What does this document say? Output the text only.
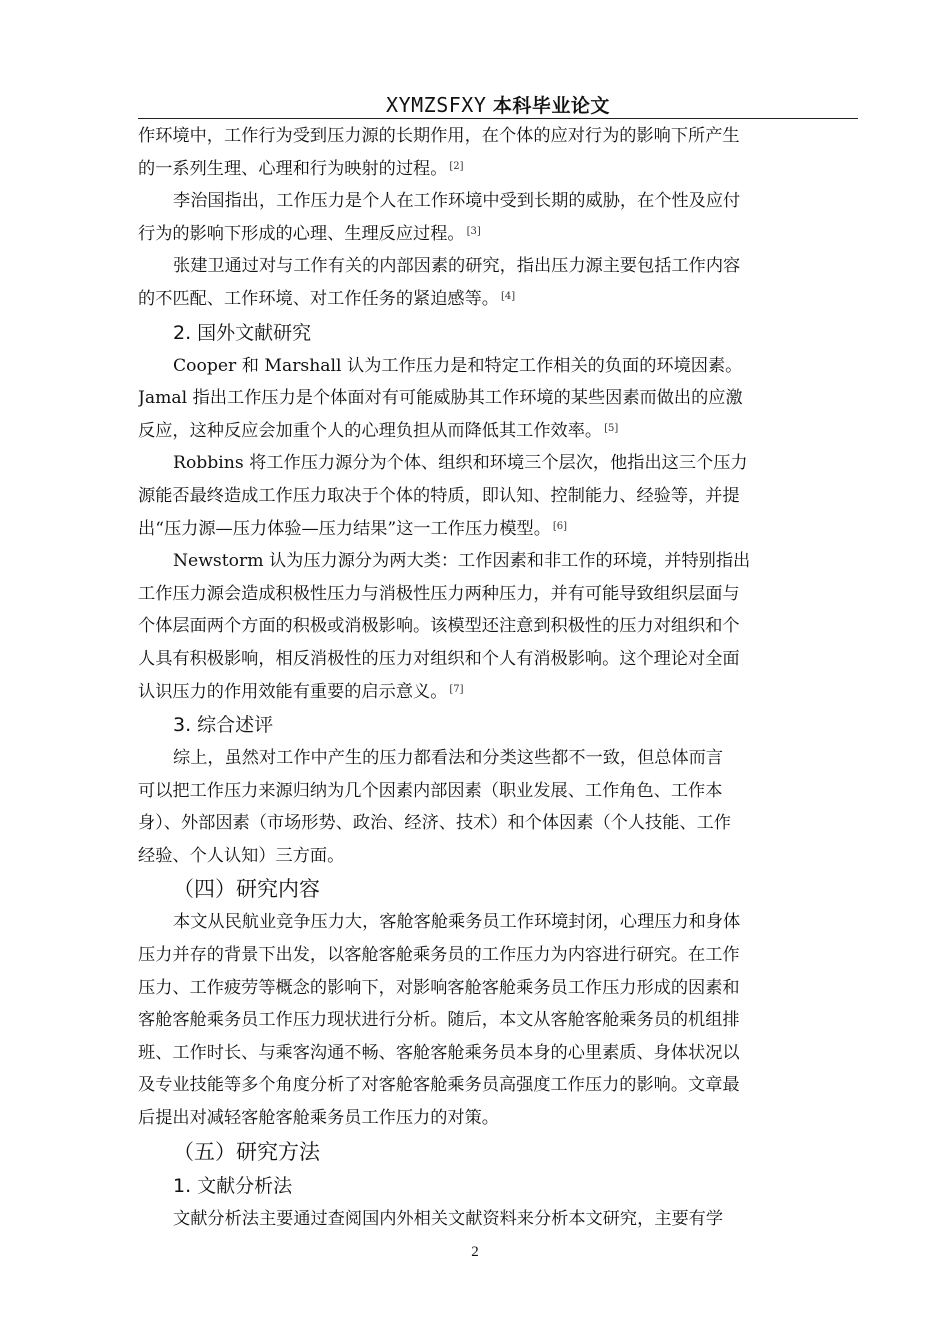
XYMZSFXY 本科毕业论文
作环境中，工作行为受到压力源的长期作用，在个体的应对行为的影响下所产生
的一系列生理、心理和行为映射的过程。 [2]
李治国指出，工作压力是个人在工作环境中受到长期的威胁，在个性及应付
行为的影响下形成的心理、生理反应过程。 [3]
张建卫通过对与工作有关的内部因素的研究，指出压力源主要包括工作内容
的不匹配、工作环境、对工作任务的紧迫感等。 [4]
2. 国外文献研究
Cooper 和 Marshall 认为工作压力是和特定工作相关的负面的环境因素。
Jamal 指出工作压力是个体面对有可能威胁其工作环境的某些因素而做出的应激
反应，这种反应会加重个人的心理负担从而降低其工作效率。 [5]
Robbins 将工作压力源分为个体、组织和环境三个层次，他指出这三个压力
源能否最终造成工作压力取决于个体的特质，即认知、控制能力、经验等，并提
出“压力源—压力体验—压力结果”这一工作压力模型。 [6]
Newstorm 认为压力源分为两大类：工作因素和非工作的环境，并特别指出
工作压力源会造成积极性压力与消极性压力两种压力，并有可能导致组织层面与
个体层面两个方面的积极或消极影响。该模型还注意到积极性的压力对组织和个
人具有积极影响，相反消极性的压力对组织和个人有消极影响。这个理论对全面
认识压力的作用效能有重要的启示意义。 [7]
3. 综合述评
综上，虽然对工作中产生的压力都看法和分类这些都不一致，但总体而言
可以把工作压力来源归纳为几个因素内部因素（职业发展、工作角色、工作本
身）、外部因素（市场形势、政治、经济、技术）和个体因素（个人技能、工作
经验、个人认知）三方面。
（四）研究内容
本文从民航业竞争压力大，客舱客舱乘务员工作环境封闭，心理压力和身体
压力并存的背景下出发，以客舱客舱乘务员的工作压力为内容进行研究。在工作
压力、工作疲劳等概念的影响下，对影响客舱客舱乘务员工作压力形成的因素和
客舱客舱乘务员工作压力现状进行分析。随后，本文从客舱客舱乘务员的机组排
班、工作时长、与乘客沟通不畅、客舱客舱乘务员本身的心里素质、身体状况以
及专业技能等多个角度分析了对客舱客舱乘务员高强度工作压力的影响。文章最
后提出对减轻客舱客舱乘务员工作压力的对策。
（五）研究方法
1. 文献分析法
文献分析法主要通过查阅国内外相关文献资料来分析本文研究，主要有学
2
